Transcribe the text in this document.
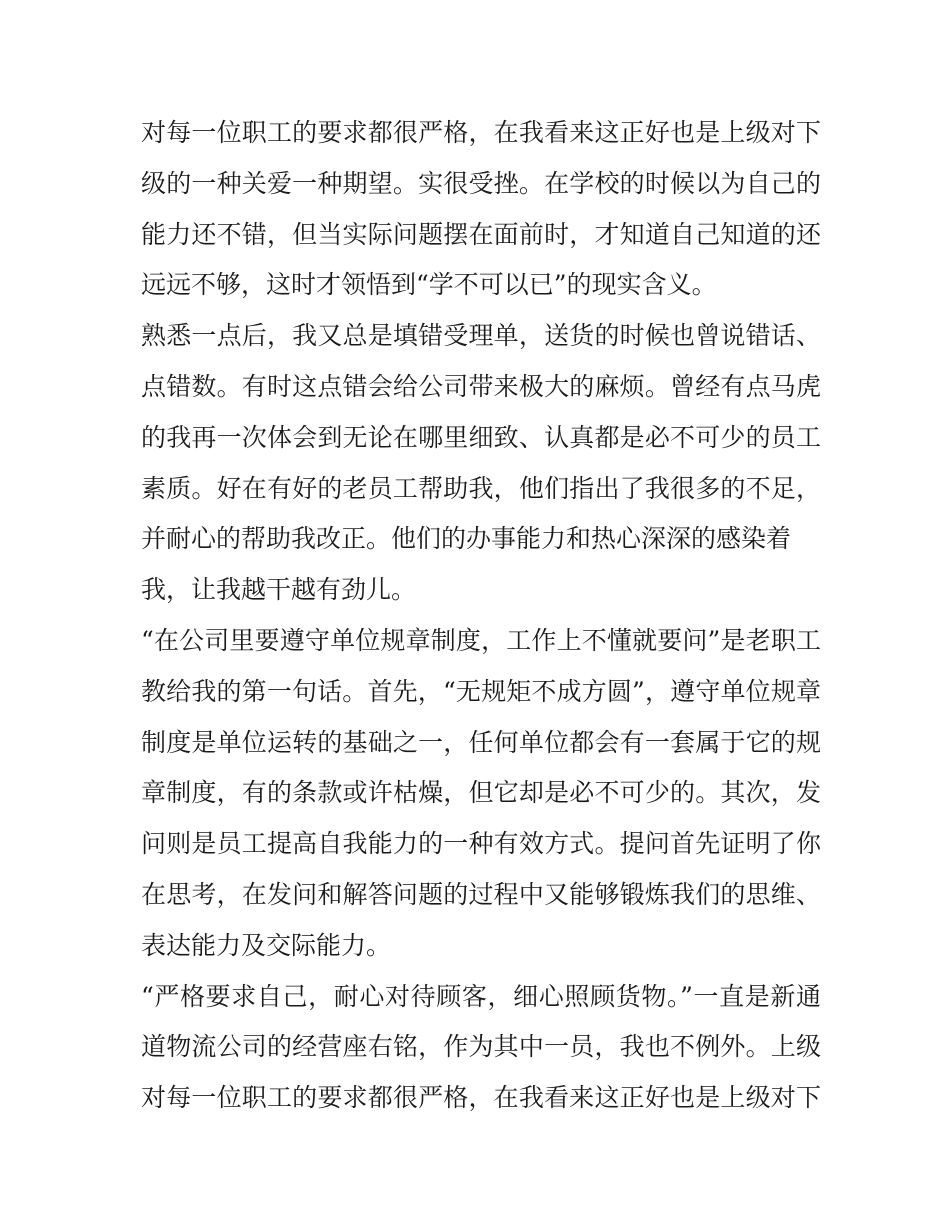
对每一位职工的要求都很严格，在我看来这正好也是上级对下
级的一种关爱一种期望。实很受挫。在学校的时候以为自己的
能力还不错，但当实际问题摆在面前时，才知道自己知道的还
远远不够，这时才领悟到“学不可以已”的现实含义。
熟悉一点后，我又总是填错受理单，送货的时候也曾说错话、
点错数。有时这点错会给公司带来极大的麻烦。曾经有点马虎
的我再一次体会到无论在哪里细致、认真都是必不可少的员工
素质。好在有好的老员工帮助我，他们指出了我很多的不足，
并耐心的帮助我改正。他们的办事能力和热心深深的感染着
我，让我越干越有劲儿。
“在公司里要遵守单位规章制度，工作上不懂就要问”是老职工
教给我的第一句话。首先，“无规矩不成方圆”，遵守单位规章
制度是单位运转的基础之一，任何单位都会有一套属于它的规
章制度，有的条款或许枯燥，但它却是必不可少的。其次，发
问则是员工提高自我能力的一种有效方式。提问首先证明了你
在思考，在发问和解答问题的过程中又能够锻炼我们的思维、
表达能力及交际能力。
“严格要求自己，耐心对待顾客，细心照顾货物。”一直是新通
道物流公司的经营座右铭，作为其中一员，我也不例外。上级
对每一位职工的要求都很严格，在我看来这正好也是上级对下
